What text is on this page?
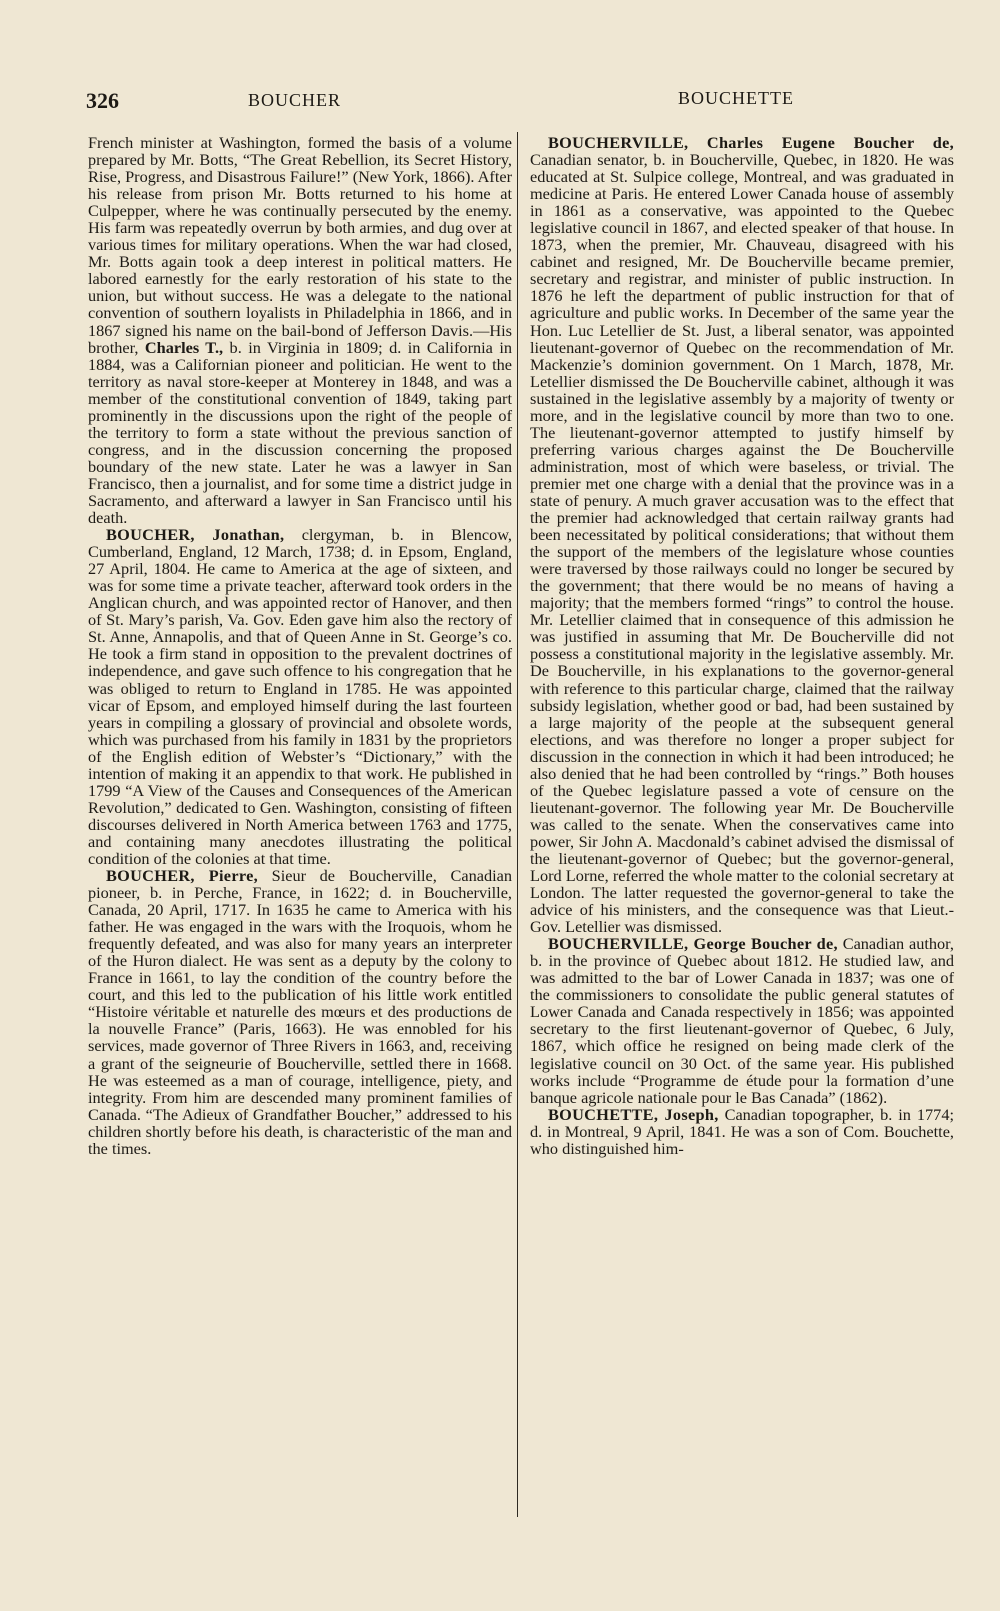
326	BOUCHER	BOUCHETTE

French minister at Washington, formed the basis of a volume prepared by Mr. Botts, “The Great Rebellion, its Secret History, Rise, Progress, and Disastrous Failure!” (New York, 1866). After his release from prison Mr. Botts returned to his home at Culpepper, where he was continually persecuted by the enemy. His farm was repeatedly overrun by both armies, and dug over at various times for military operations. When the war had closed, Mr. Botts again took a deep interest in political matters. He labored earnestly for the early restoration of his state to the union, but without success. He was a delegate to the national convention of southern loyalists in Philadelphia in 1866, and in 1867 signed his name on the bail-bond of Jefferson Davis.—His brother, Charles T., b. in Virginia in 1809; d. in California in 1884, was a Californian pioneer and politician. He went to the territory as naval store-keeper at Monterey in 1848, and was a member of the constitutional convention of 1849, taking part prominently in the discussions upon the right of the people of the territory to form a state without the previous sanction of congress, and in the discussion concerning the proposed boundary of the new state. Later he was a lawyer in San Francisco, then a journalist, and for some time a district judge in Sacramento, and afterward a lawyer in San Francisco until his death.

BOUCHER, Jonathan, clergyman, b. in Blencow, Cumberland, England, 12 March, 1738; d. in Epsom, England, 27 April, 1804. He came to America at the age of sixteen, and was for some time a private teacher, afterward took orders in the Anglican church, and was appointed rector of Hanover, and then of St. Mary’s parish, Va. Gov. Eden gave him also the rectory of St. Anne, Annapolis, and that of Queen Anne in St. George’s co. He took a firm stand in opposition to the prevalent doctrines of independence, and gave such offence to his congregation that he was obliged to return to England in 1785. He was appointed vicar of Epsom, and employed himself during the last fourteen years in compiling a glossary of provincial and obsolete words, which was purchased from his family in 1831 by the proprietors of the English edition of Webster’s “Dictionary,” with the intention of making it an appendix to that work. He published in 1799 “A View of the Causes and Consequences of the American Revolution,” dedicated to Gen. Washington, consisting of fifteen discourses delivered in North America between 1763 and 1775, and containing many anecdotes illustrating the political condition of the colonies at that time.

BOUCHER, Pierre, Sieur de Boucherville, Canadian pioneer, b. in Perche, France, in 1622; d. in Boucherville, Canada, 20 April, 1717. In 1635 he came to America with his father. He was engaged in the wars with the Iroquois, whom he frequently defeated, and was also for many years an interpreter of the Huron dialect. He was sent as a deputy by the colony to France in 1661, to lay the condition of the country before the court, and this led to the publication of his little work entitled “Histoire véritable et naturelle des mœurs et des productions de la nouvelle France” (Paris, 1663). He was ennobled for his services, made governor of Three Rivers in 1663, and, receiving a grant of the seigneurie of Boucherville, settled there in 1668. He was esteemed as a man of courage, intelligence, piety, and integrity. From him are descended many prominent families of Canada. “The Adieux of Grandfather Boucher,” addressed to his children shortly before his death, is characteristic of the man and the times.

BOUCHERVILLE, Charles Eugene Boucher de, Canadian senator, b. in Boucherville, Quebec, in 1820. He was educated at St. Sulpice college, Montreal, and was graduated in medicine at Paris. He entered Lower Canada house of assembly in 1861 as a conservative, was appointed to the Quebec legislative council in 1867, and elected speaker of that house. In 1873, when the premier, Mr. Chauveau, disagreed with his cabinet and resigned, Mr. De Boucherville became premier, secretary and registrar, and minister of public instruction. In 1876 he left the department of public instruction for that of agriculture and public works. In December of the same year the Hon. Luc Letellier de St. Just, a liberal senator, was appointed lieutenant-governor of Quebec on the recommendation of Mr. Mackenzie’s dominion government. On 1 March, 1878, Mr. Letellier dismissed the De Boucherville cabinet, although it was sustained in the legislative assembly by a majority of twenty or more, and in the legislative council by more than two to one. The lieutenant-governor attempted to justify himself by preferring various charges against the De Boucherville administration, most of which were baseless, or trivial. The premier met one charge with a denial that the province was in a state of penury. A much graver accusation was to the effect that the premier had acknowledged that certain railway grants had been necessitated by political considerations; that without them the support of the members of the legislature whose counties were traversed by those railways could no longer be secured by the government; that there would be no means of having a majority; that the members formed “rings” to control the house. Mr. Letellier claimed that in consequence of this admission he was justified in assuming that Mr. De Boucherville did not possess a constitutional majority in the legislative assembly. Mr. De Boucherville, in his explanations to the governor-general with reference to this particular charge, claimed that the railway subsidy legislation, whether good or bad, had been sustained by a large majority of the people at the subsequent general elections, and was therefore no longer a proper subject for discussion in the connection in which it had been introduced; he also denied that he had been controlled by “rings.” Both houses of the Quebec legislature passed a vote of censure on the lieutenant-governor. The following year Mr. De Boucherville was called to the senate. When the conservatives came into power, Sir John A. Macdonald’s cabinet advised the dismissal of the lieutenant-governor of Quebec; but the governor-general, Lord Lorne, referred the whole matter to the colonial secretary at London. The latter requested the governor-general to take the advice of his ministers, and the consequence was that Lieut.-Gov. Letellier was dismissed.

BOUCHERVILLE, George Boucher de, Canadian author, b. in the province of Quebec about 1812. He studied law, and was admitted to the bar of Lower Canada in 1837; was one of the commissioners to consolidate the public general statutes of Lower Canada and Canada respectively in 1856; was appointed secretary to the first lieutenant-governor of Quebec, 6 July, 1867, which office he resigned on being made clerk of the legislative council on 30 Oct. of the same year. His published works include “Programme de étude pour la formation d’une banque agricole nationale pour le Bas Canada” (1862).

BOUCHETTE, Joseph, Canadian topographer, b. in 1774; d. in Montreal, 9 April, 1841. He was a son of Com. Bouchette, who distinguished him-
